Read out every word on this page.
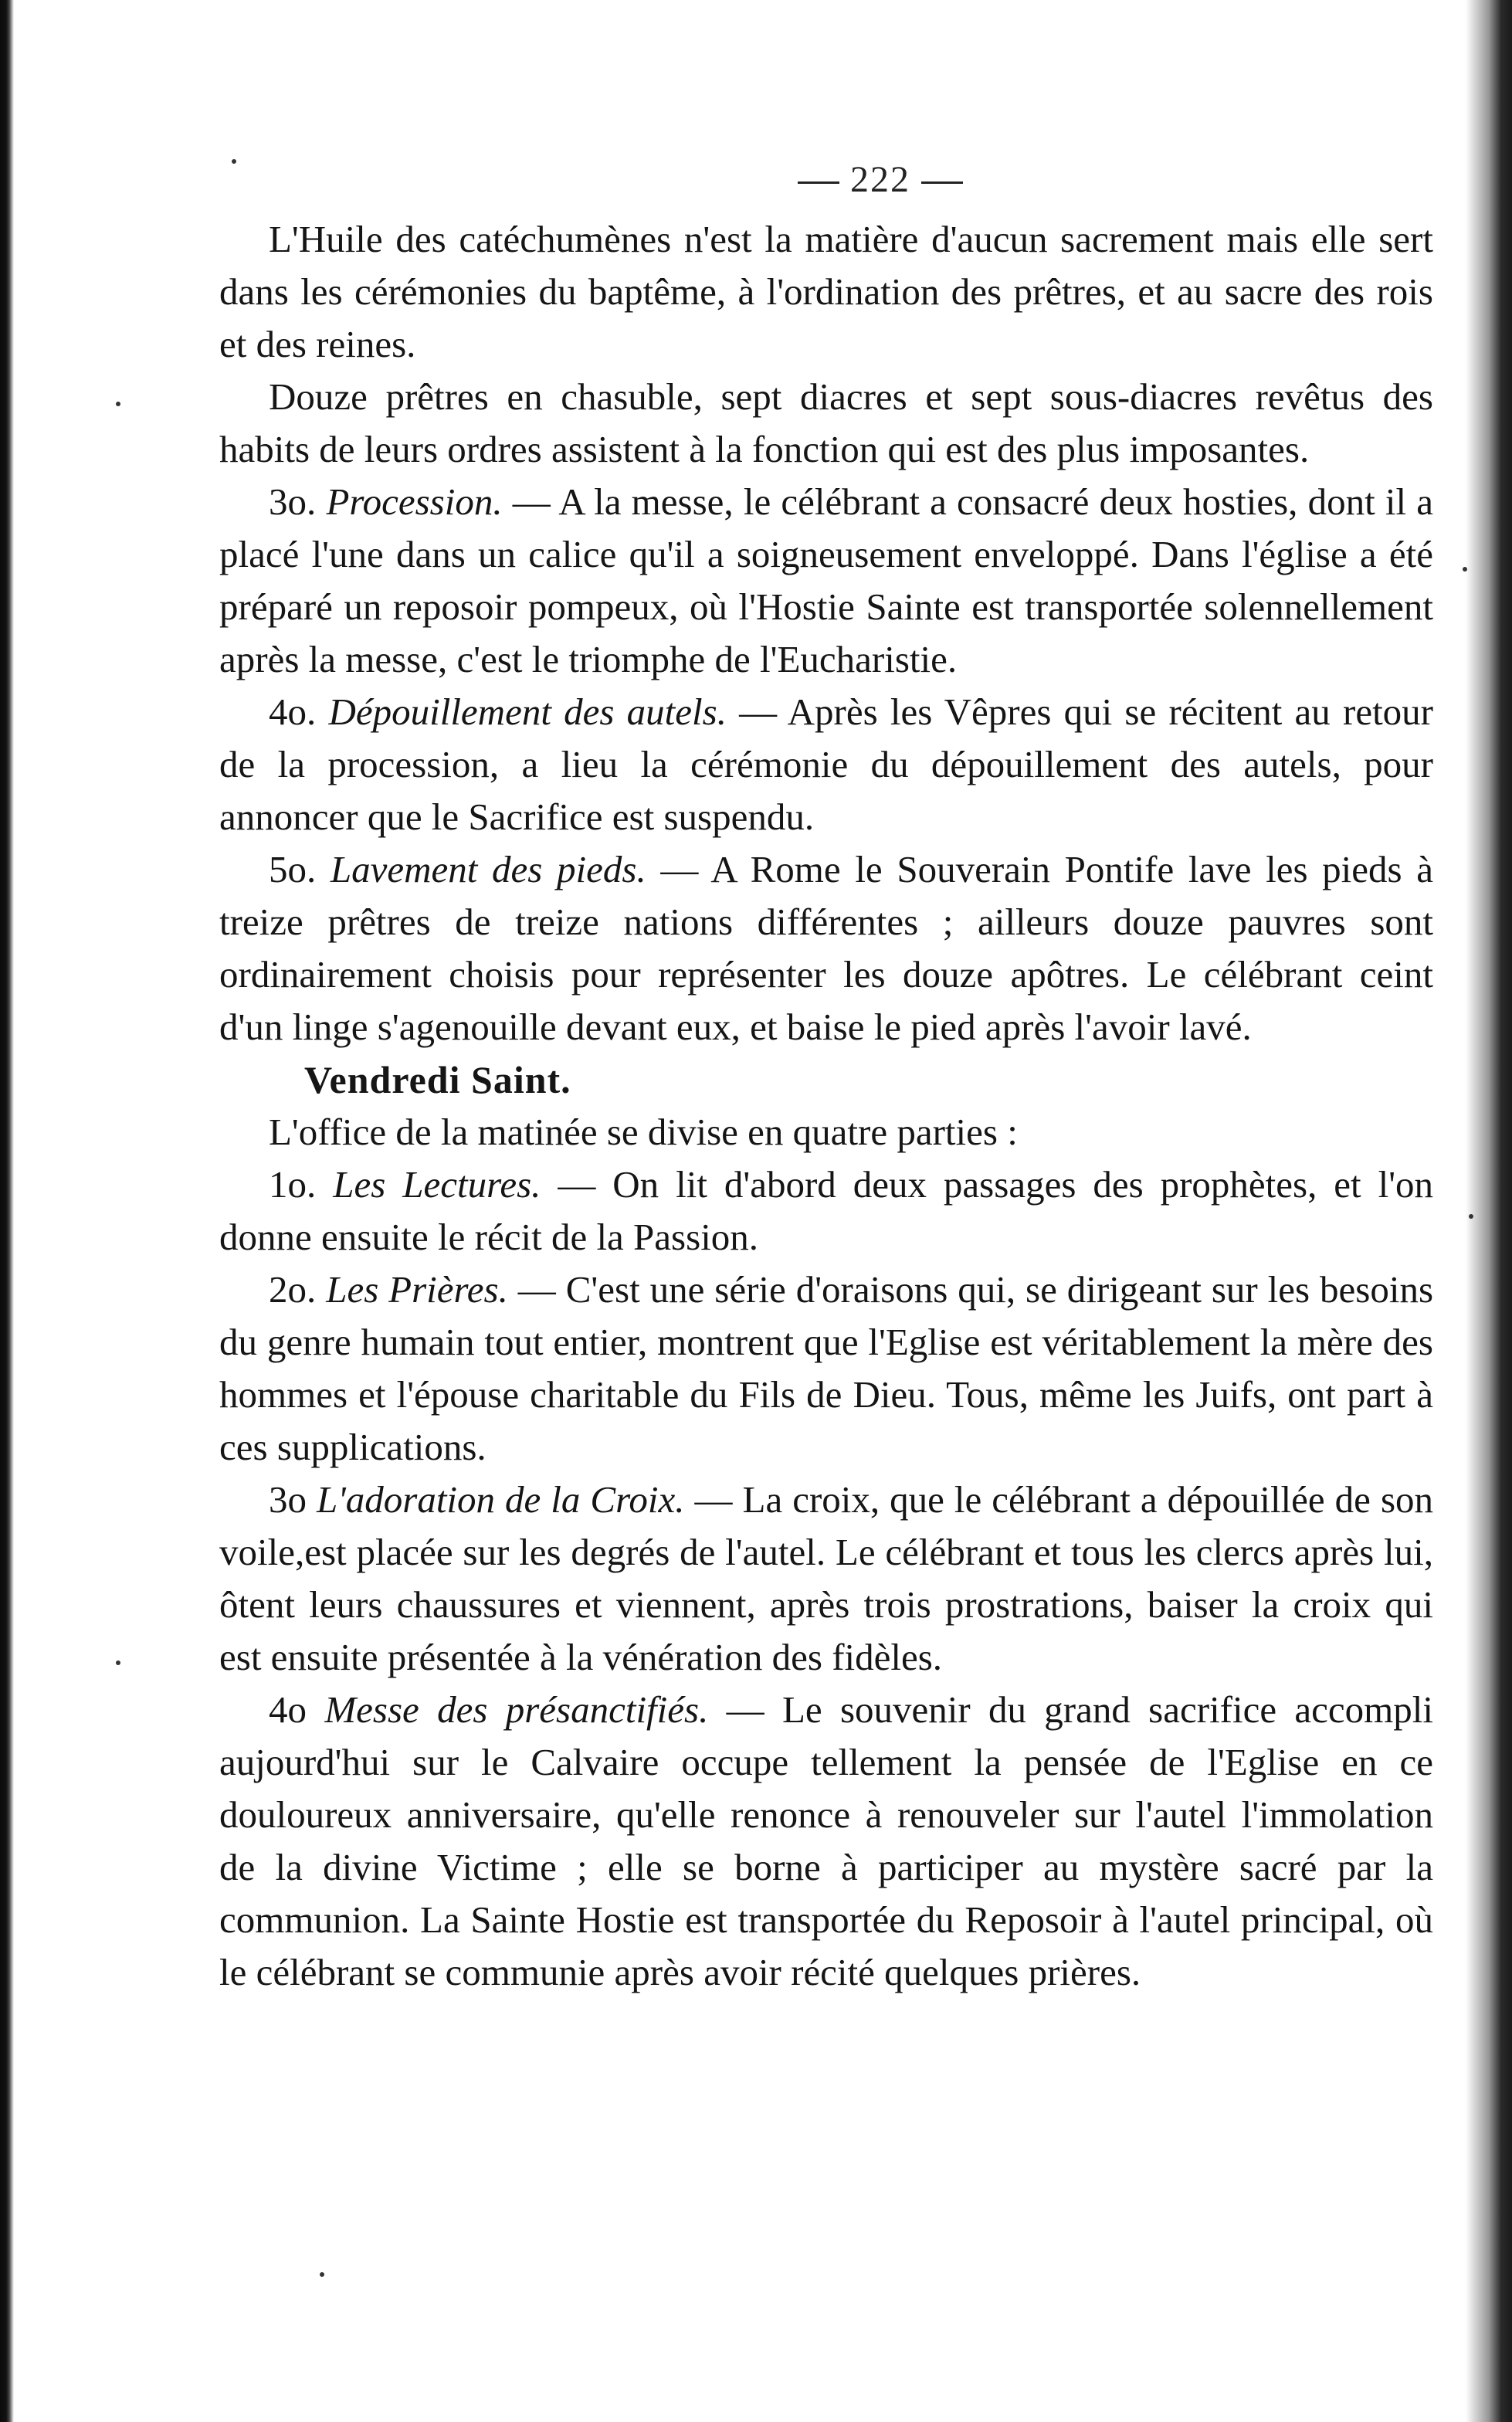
222

L'Huile des catéchumènes n'est la matière d'aucun sacrement mais elle sert dans les cérémonies du baptême, à l'ordination des prêtres, et au sacre des rois et des reines.

Douze prêtres en chasuble, sept diacres et sept sous-diacres revêtus des habits de leurs ordres assistent à la fonction qui est des plus imposantes.

3o. Procession. — A la messe, le célébrant a consacré deux hosties, dont il a placé l'une dans un calice qu'il a soigneusement enveloppé. Dans l'église a été préparé un reposoir pompeux, où l'Hostie Sainte est transportée solennellement après la messe, c'est le triomphe de l'Eucharistie.

4o. Dépouillement des autels. — Après les Vêpres qui se récitent au retour de la procession, a lieu la cérémonie du dépouillement des autels, pour annoncer que le Sacrifice est suspendu.

5o. Lavement des pieds. — A Rome le Souverain Pontife lave les pieds à treize prêtres de treize nations différentes ; ailleurs douze pauvres sont ordinairement choisis pour représenter les douze apôtres. Le célébrant ceint d'un linge s'agenouille devant eux, et baise le pied après l'avoir lavé.

Vendredi Saint.

L'office de la matinée se divise en quatre parties :

1o. Les Lectures. — On lit d'abord deux passages des prophètes, et l'on donne ensuite le récit de la Passion.

2o. Les Prières. — C'est une série d'oraisons qui, se dirigeant sur les besoins du genre humain tout entier, montrent que l'Eglise est véritablement la mère des hommes et l'épouse charitable du Fils de Dieu. Tous, même les Juifs, ont part à ces supplications.

3o L'adoration de la Croix. — La croix, que le célébrant a dépouillée de son voile,est placée sur les degrés de l'autel. Le célébrant et tous les clercs après lui, ôtent leurs chaussures et viennent, après trois prostrations, baiser la croix qui est ensuite présentée à la vénération des fidèles.

4o Messe des présanctifiés. — Le souvenir du grand sacrifice accompli aujourd'hui sur le Calvaire occupe tellement la pensée de l'Eglise en ce douloureux anniversaire, qu'elle renonce à renouveler sur l'autel l'immolation de la divine Victime ; elle se borne à participer au mystère sacré par la communion. La Sainte Hostie est transportée du Reposoir à l'autel principal, où le célébrant se communie après avoir récité quelques prières.
